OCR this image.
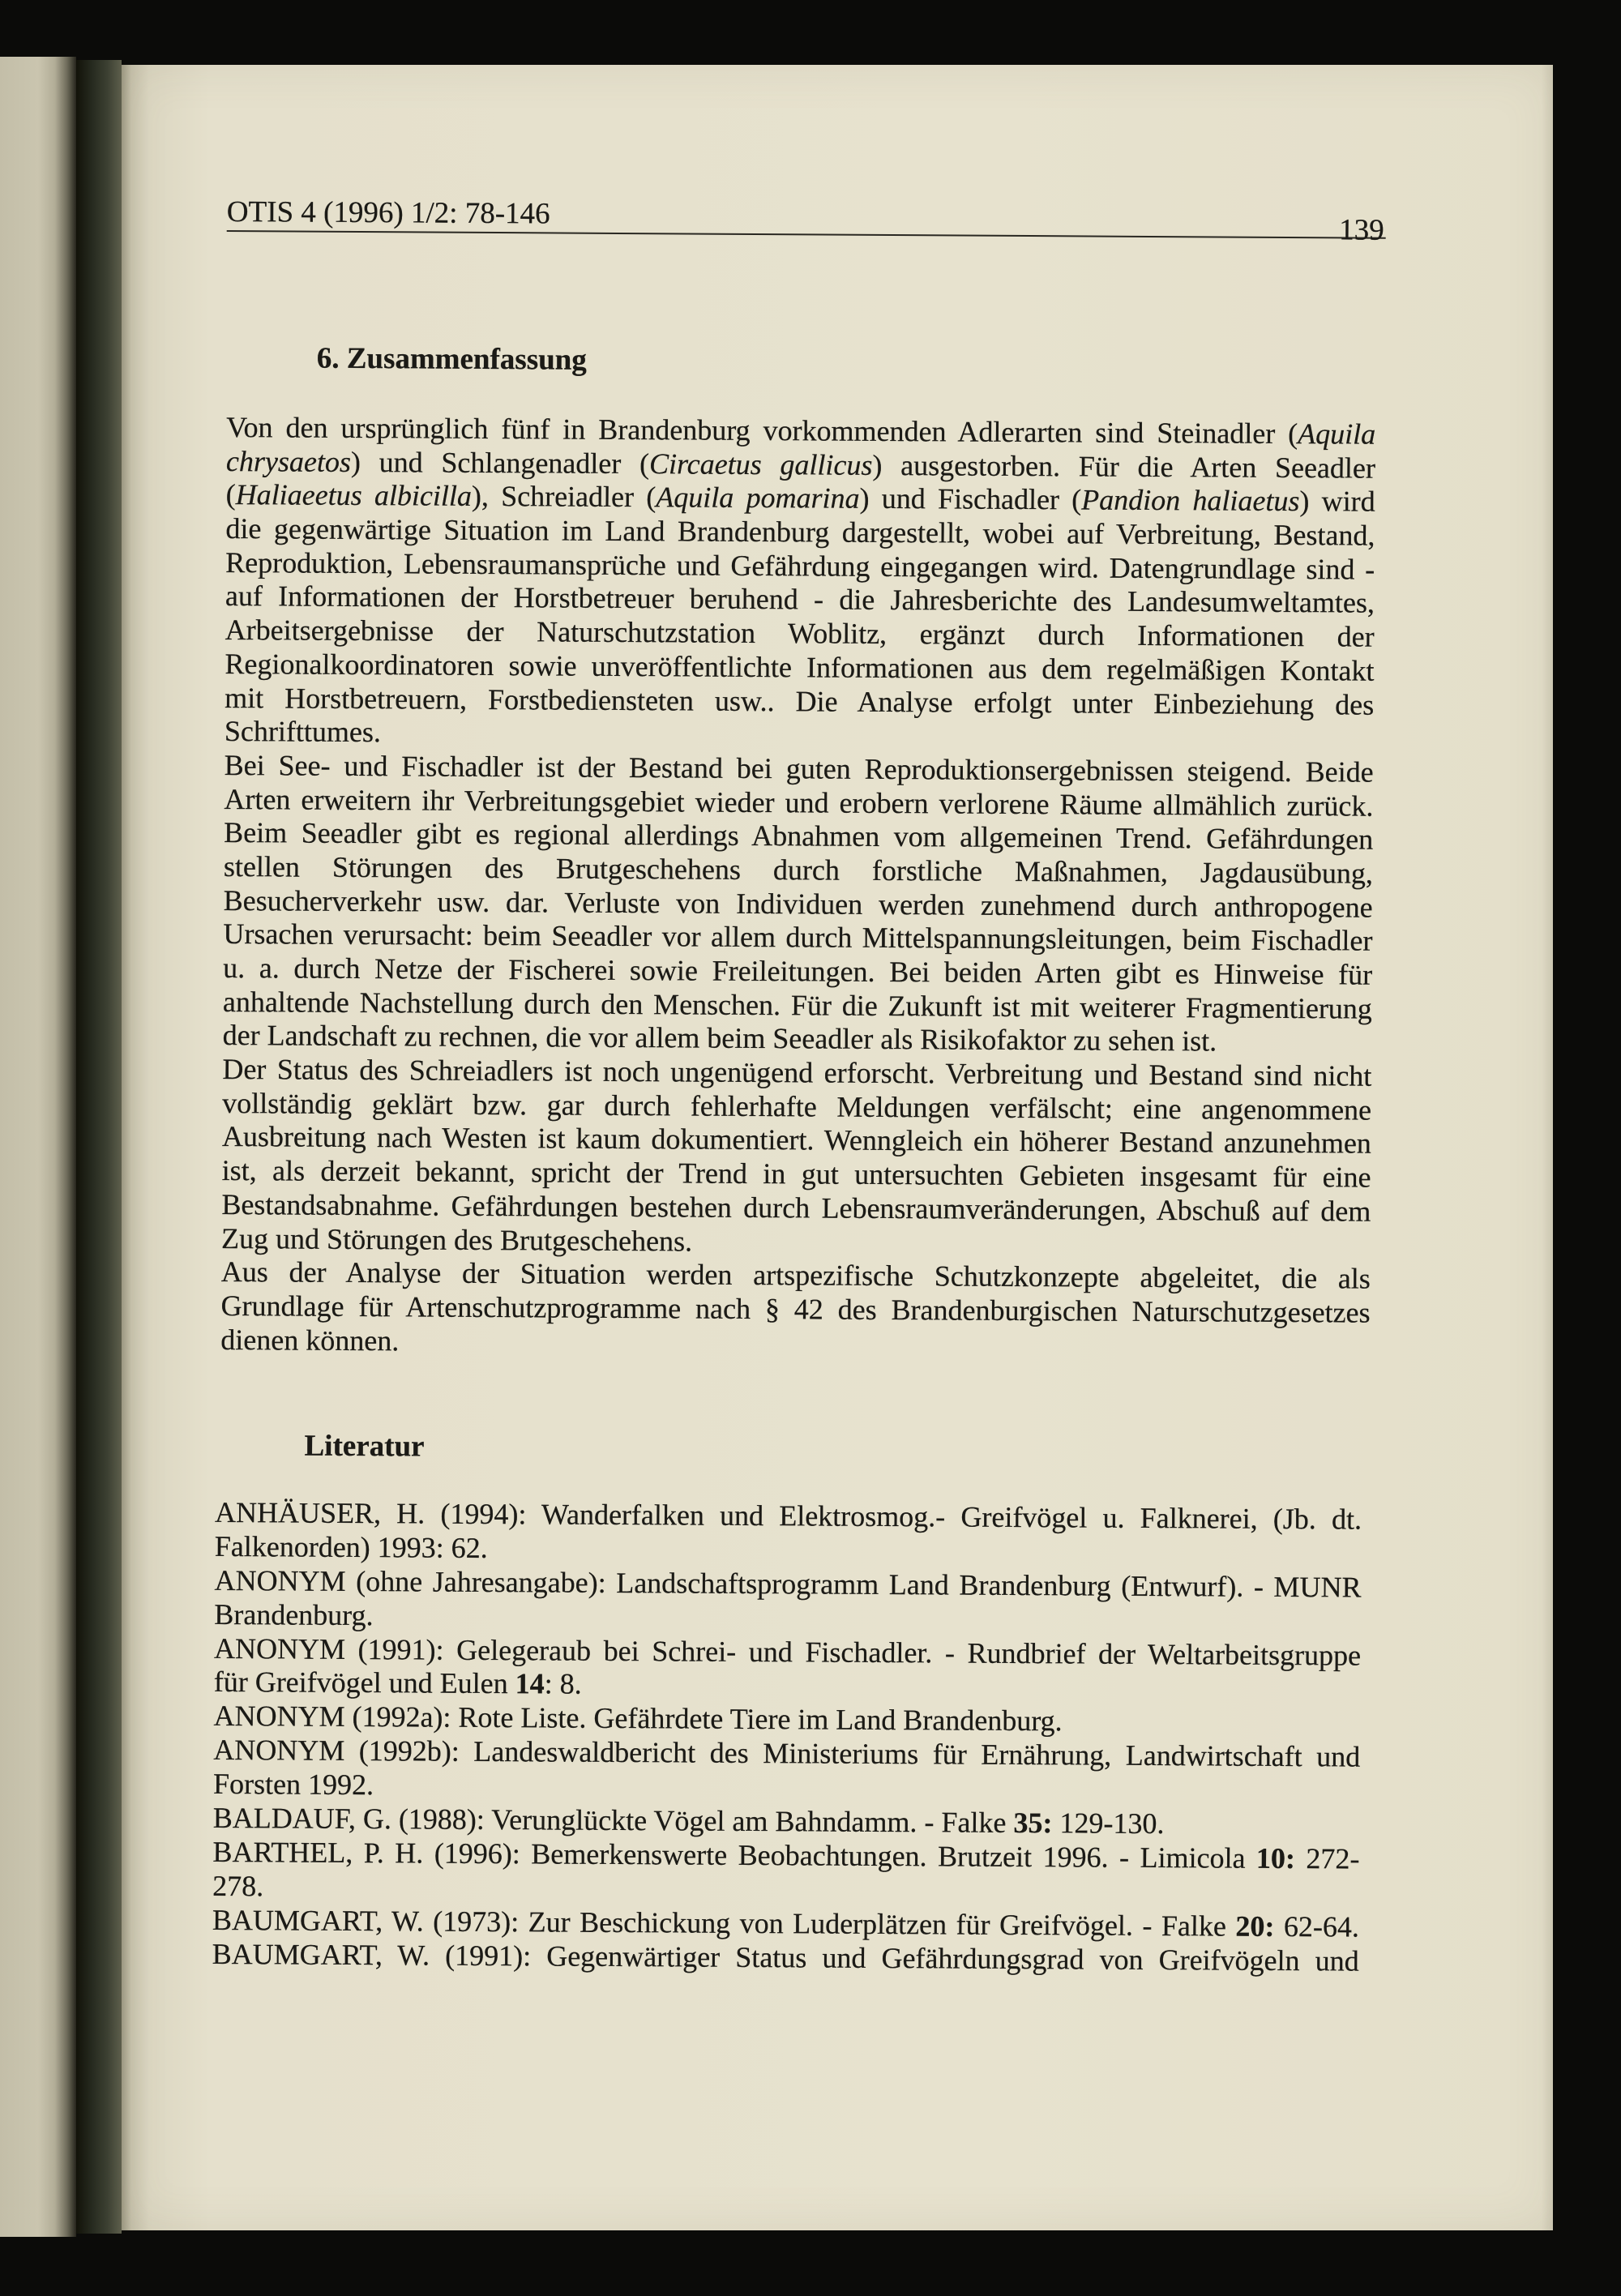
OTIS 4 (1996) 1/2: 78-146	139
6. Zusammenfassung
Von den ursprünglich fünf in Brandenburg vorkommenden Adlerarten sind Steinadler (Aquila
chrysaetos) und Schlangenadler (Circaetus gallicus) ausgestorben. Für die Arten Seeadler
(Haliaeetus albicilla), Schreiadler (Aquila pomarina) und Fischadler (Pandion haliaetus) wird
die gegenwärtige Situation im Land Brandenburg dargestellt, wobei auf Verbreitung, Bestand,
Reproduktion, Lebensraumansprüche und Gefährdung eingegangen wird. Datengrundlage sind -
auf Informationen der Horstbetreuer beruhend - die Jahresberichte des Landesumweltamtes,
Arbeitsergebnisse der Naturschutzstation Woblitz, ergänzt durch Informationen der
Regionalkoordinatoren sowie unveröffentlichte Informationen aus dem regelmäßigen Kontakt
mit Horstbetreuern, Forstbediensteten usw.. Die Analyse erfolgt unter Einbeziehung des
Schrifttumes.
Bei See- und Fischadler ist der Bestand bei guten Reproduktionsergebnissen steigend. Beide
Arten erweitern ihr Verbreitungsgebiet wieder und erobern verlorene Räume allmählich zurück.
Beim Seeadler gibt es regional allerdings Abnahmen vom allgemeinen Trend. Gefährdungen
stellen Störungen des Brutgeschehens durch forstliche Maßnahmen, Jagdausübung,
Besucherverkehr usw. dar. Verluste von Individuen werden zunehmend durch anthropogene
Ursachen verursacht: beim Seeadler vor allem durch Mittelspannungsleitungen, beim Fischadler
u. a. durch Netze der Fischerei sowie Freileitungen. Bei beiden Arten gibt es Hinweise für
anhaltende Nachstellung durch den Menschen. Für die Zukunft ist mit weiterer Fragmentierung
der Landschaft zu rechnen, die vor allem beim Seeadler als Risikofaktor zu sehen ist.
Der Status des Schreiadlers ist noch ungenügend erforscht. Verbreitung und Bestand sind nicht
vollständig geklärt bzw. gar durch fehlerhafte Meldungen verfälscht; eine angenommene
Ausbreitung nach Westen ist kaum dokumentiert. Wenngleich ein höherer Bestand anzunehmen
ist, als derzeit bekannt, spricht der Trend in gut untersuchten Gebieten insgesamt für eine
Bestandsabnahme. Gefährdungen bestehen durch Lebensraumveränderungen, Abschuß auf dem
Zug und Störungen des Brutgeschehens.
Aus der Analyse der Situation werden artspezifische Schutzkonzepte abgeleitet, die als
Grundlage für Artenschutzprogramme nach § 42 des Brandenburgischen Naturschutzgesetzes
dienen können.
Literatur
ANHÄUSER, H. (1994): Wanderfalken und Elektrosmog.- Greifvögel u. Falknerei, (Jb. dt.
Falkenorden) 1993: 62.
ANONYM (ohne Jahresangabe): Landschaftsprogramm Land Brandenburg (Entwurf). - MUNR
Brandenburg.
ANONYM (1991): Gelegeraub bei Schrei- und Fischadler. - Rundbrief der Weltarbeitsgruppe
für Greifvögel und Eulen 14: 8.
ANONYM (1992a): Rote Liste. Gefährdete Tiere im Land Brandenburg.
ANONYM (1992b): Landeswaldbericht des Ministeriums für Ernährung, Landwirtschaft und
Forsten 1992.
BALDAUF, G. (1988): Verunglückte Vögel am Bahndamm. - Falke 35: 129-130.
BARTHEL, P. H. (1996): Bemerkenswerte Beobachtungen. Brutzeit 1996. - Limicola 10: 272-
278.
BAUMGART, W. (1973): Zur Beschickung von Luderplätzen für Greifvögel. - Falke 20: 62-64.
BAUMGART, W. (1991): Gegenwärtiger Status und Gefährdungsgrad von Greifvögeln und
